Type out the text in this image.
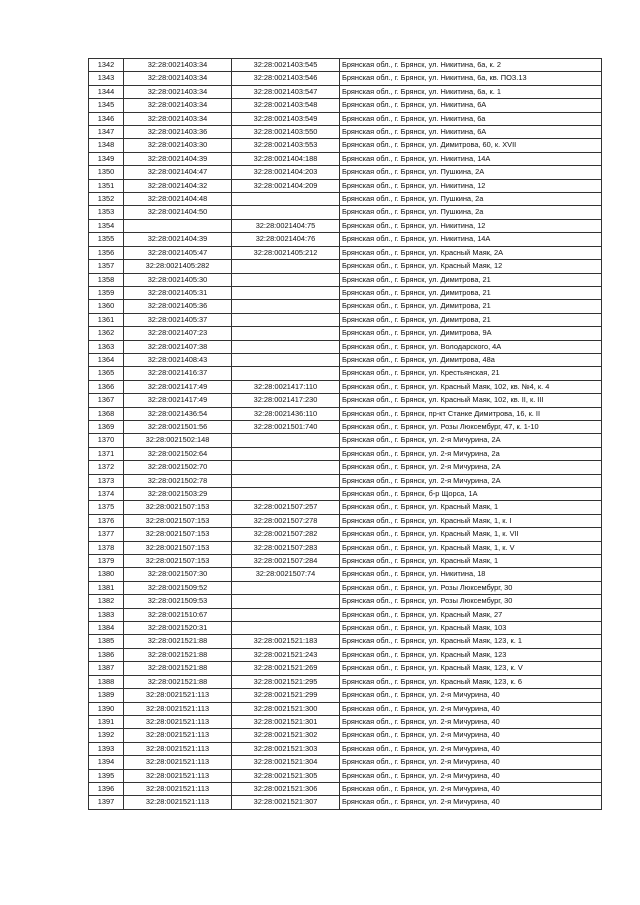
1342	32:28:0021403:34	32:28:0021403:545	Брянская обл., г. Брянск, ул. Никитина, 6а, к. 2
1343	32:28:0021403:34	32:28:0021403:546	Брянская обл., г. Брянск, ул. Никитина, 6а, кв. ПОЗ.13
1344	32:28:0021403:34	32:28:0021403:547	Брянская обл., г. Брянск, ул. Никитина, 6а, к. 1
1345	32:28:0021403:34	32:28:0021403:548	Брянская обл., г. Брянск, ул. Никитина, 6А
1346	32:28:0021403:34	32:28:0021403:549	Брянская обл., г. Брянск, ул. Никитина, 6а
1347	32:28:0021403:36	32:28:0021403:550	Брянская обл., г. Брянск, ул. Никитина, 6А
1348	32:28:0021403:30	32:28:0021403:553	Брянская обл., г. Брянск, ул. Димитрова, 60, к. XVII
1349	32:28:0021404:39	32:28:0021404:188	Брянская обл., г. Брянск, ул. Никитина, 14А
1350	32:28:0021404:47	32:28:0021404:203	Брянская обл., г. Брянск, ул. Пушкина, 2А
1351	32:28:0021404:32	32:28:0021404:209	Брянская обл., г. Брянск, ул. Никитина, 12
1352	32:28:0021404:48		Брянская обл., г. Брянск, ул. Пушкина, 2а
1353	32:28:0021404:50		Брянская обл., г. Брянск, ул. Пушкина, 2а
1354		32:28:0021404:75	Брянская обл., г. Брянск, ул. Никитина, 12
1355	32:28:0021404:39	32:28:0021404:76	Брянская обл., г. Брянск, ул. Никитина, 14А
1356	32:28:0021405:47	32:28:0021405:212	Брянская обл., г. Брянск, ул. Красный Маяк, 2А
1357	32:28:0021405:282		Брянская обл., г. Брянск, ул. Красный Маяк, 12
1358	32:28:0021405:30		Брянская обл., г. Брянск, ул. Димитрова, 21
1359	32:28:0021405:31		Брянская обл., г. Брянск, ул. Димитрова, 21
1360	32:28:0021405:36		Брянская обл., г. Брянск, ул. Димитрова, 21
1361	32:28:0021405:37		Брянская обл., г. Брянск, ул. Димитрова, 21
1362	32:28:0021407:23		Брянская обл., г. Брянск, ул. Димитрова, 9А
1363	32:28:0021407:38		Брянская обл., г. Брянск, ул. Володарского, 4А
1364	32:28:0021408:43		Брянская обл., г. Брянск, ул. Димитрова, 48а
1365	32:28:0021416:37		Брянская обл., г. Брянск, ул. Крестьянская, 21
1366	32:28:0021417:49	32:28:0021417:110	Брянская обл., г. Брянск, ул. Красный Маяк, 102, кв. №4, к. 4
1367	32:28:0021417:49	32:28:0021417:230	Брянская обл., г. Брянск, ул. Красный Маяк, 102, кв. II, к. III
1368	32:28:0021436:54	32:28:0021436:110	Брянская обл., г. Брянск, пр-кт Станке Димитрова, 16, к. II
1369	32:28:0021501:56	32:28:0021501:740	Брянская обл., г. Брянск, ул. Розы Люксембург, 47, к. 1-10
1370	32:28:0021502:148		Брянская обл., г. Брянск, ул. 2-я Мичурина, 2А
1371	32:28:0021502:64		Брянская обл., г. Брянск, ул. 2-я Мичурина, 2а
1372	32:28:0021502:70		Брянская обл., г. Брянск, ул. 2-я Мичурина, 2А
1373	32:28:0021502:78		Брянская обл., г. Брянск, ул. 2-я Мичурина, 2А
1374	32:28:0021503:29		Брянская обл., г. Брянск, б-р Щорса, 1А
1375	32:28:0021507:153	32:28:0021507:257	Брянская обл., г. Брянск, ул. Красный Маяк, 1
1376	32:28:0021507:153	32:28:0021507:278	Брянская обл., г. Брянск, ул. Красный Маяк, 1, к. I
1377	32:28:0021507:153	32:28:0021507:282	Брянская обл., г. Брянск, ул. Красный Маяк, 1, к. VII
1378	32:28:0021507:153	32:28:0021507:283	Брянская обл., г. Брянск, ул. Красный Маяк, 1, к. V
1379	32:28:0021507:153	32:28:0021507:284	Брянская обл., г. Брянск, ул. Красный Маяк, 1
1380	32:28:0021507:30	32:28:0021507:74	Брянская обл., г. Брянск, ул. Никитина, 18
1381	32:28:0021509:52		Брянская обл., г. Брянск, ул. Розы Люксембург, 30
1382	32:28:0021509:53		Брянская обл., г. Брянск, ул. Розы Люксембург, 30
1383	32:28:0021510:67		Брянская обл., г. Брянск, ул. Красный Маяк, 27
1384	32:28:0021520:31		Брянская обл., г. Брянск, ул. Красный Маяк, 103
1385	32:28:0021521:88	32:28:0021521:183	Брянская обл., г. Брянск, ул. Красный Маяк, 123, к. 1
1386	32:28:0021521:88	32:28:0021521:243	Брянская обл., г. Брянск, ул. Красный Маяк, 123
1387	32:28:0021521:88	32:28:0021521:269	Брянская обл., г. Брянск, ул. Красный Маяк, 123, к. V
1388	32:28:0021521:88	32:28:0021521:295	Брянская обл., г. Брянск, ул. Красный Маяк, 123, к. 6
1389	32:28:0021521:113	32:28:0021521:299	Брянская обл., г. Брянск, ул. 2-я Мичурина, 40
1390	32:28:0021521:113	32:28:0021521:300	Брянская обл., г. Брянск, ул. 2-я Мичурина, 40
1391	32:28:0021521:113	32:28:0021521:301	Брянская обл., г. Брянск, ул. 2-я Мичурина, 40
1392	32:28:0021521:113	32:28:0021521:302	Брянская обл., г. Брянск, ул. 2-я Мичурина, 40
1393	32:28:0021521:113	32:28:0021521:303	Брянская обл., г. Брянск, ул. 2-я Мичурина, 40
1394	32:28:0021521:113	32:28:0021521:304	Брянская обл., г. Брянск, ул. 2-я Мичурина, 40
1395	32:28:0021521:113	32:28:0021521:305	Брянская обл., г. Брянск, ул. 2-я Мичурина, 40
1396	32:28:0021521:113	32:28:0021521:306	Брянская обл., г. Брянск, ул. 2-я Мичурина, 40
1397	32:28:0021521:113	32:28:0021521:307	Брянская обл., г. Брянск, ул. 2-я Мичурина, 40
